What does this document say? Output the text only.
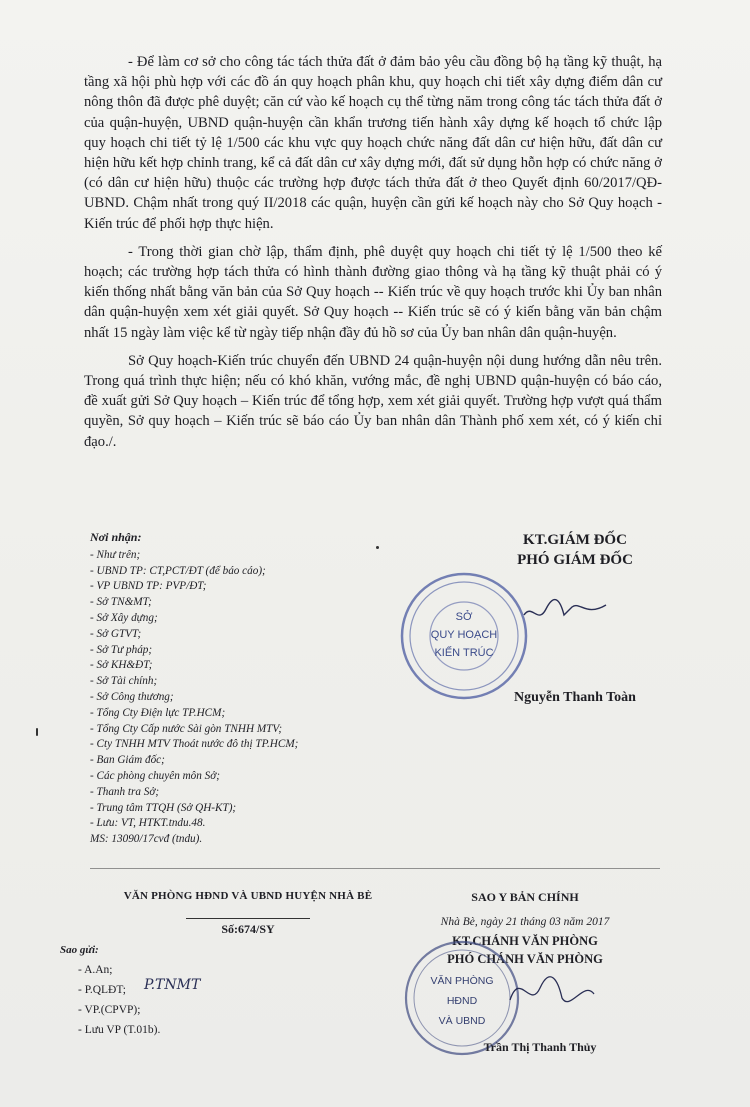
- Để làm cơ sở cho công tác tách thửa đất ở đảm bảo yêu cầu đồng bộ hạ tầng kỹ thuật, hạ tầng xã hội phù hợp với các đồ án quy hoạch phân khu, quy hoạch chi tiết xây dựng điểm dân cư nông thôn đã được phê duyệt; căn cứ vào kế hoạch cụ thể từng năm trong công tác tách thửa đất ở của quận-huyện, UBND quận-huyện cần khẩn trương tiến hành xây dựng kế hoạch tổ chức lập quy hoạch chi tiết tỷ lệ 1/500 các khu vực quy hoạch chức năng đất dân cư hiện hữu, đất dân cư hiện hữu kết hợp chỉnh trang, kể cả đất dân cư xây dựng mới, đất sử dụng hỗn hợp có chức năng ở (có dân cư hiện hữu) thuộc các trường hợp được tách thửa đất ở theo Quyết định 60/2017/QĐ-UBND. Chậm nhất trong quý II/2018 các quận, huyện cần gửi kế hoạch này cho Sở Quy hoạch - Kiến trúc để phối hợp thực hiện.

- Trong thời gian chờ lập, thẩm định, phê duyệt quy hoạch chi tiết tỷ lệ 1/500 theo kế hoạch; các trường hợp tách thửa có hình thành đường giao thông và hạ tầng kỹ thuật phải có ý kiến thống nhất bằng văn bản của Sở Quy hoạch -- Kiến trúc về quy hoạch trước khi Ủy ban nhân dân quận-huyện xem xét giải quyết. Sở Quy hoạch -- Kiến trúc sẽ có ý kiến bằng văn bản chậm nhất 15 ngày làm việc kể từ ngày tiếp nhận đầy đủ hồ sơ của Ủy ban nhân dân quận-huyện.

Sở Quy hoạch-Kiến trúc chuyển đến UBND 24 quận-huyện nội dung hướng dẫn nêu trên. Trong quá trình thực hiện; nếu có khó khăn, vướng mắc, đề nghị UBND quận-huyện có báo cáo, đề xuất gửi Sở Quy hoạch – Kiến trúc để tổng hợp, xem xét giải quyết. Trường hợp vượt quá thẩm quyền, Sở quy hoạch – Kiến trúc sẽ báo cáo Ủy ban nhân dân Thành phố xem xét, có ý kiến chỉ đạo./.

Nơi nhận:
- Như trên;
- UBND TP: CT,PCT/ĐT (để báo cáo);
- VP UBND TP: PVP/ĐT;
- Sở TN&MT;
- Sở Xây dựng;
- Sở GTVT;
- Sở Tư pháp;
- Sở KH&ĐT;
- Sở Tài chính;
- Sở Công thương;
- Tổng Cty Điện lực TP.HCM;
- Tổng Cty Cấp nước Sài gòn TNHH MTV;
- Cty TNHH MTV Thoát nước đô thị TP.HCM;
- Ban Giám đốc;
- Các phòng chuyên môn Sở;
- Thanh tra Sở;
- Trung tâm TTQH (Sở QH-KT);
- Lưu: VT, HTKT.tndu.48.
MS: 13090/17cvđ (tndu).
KT.GIÁM ĐỐC
PHÓ GIÁM ĐỐC
SỞ
QUY HOẠCH
KIẾN TRÚC
Nguyễn Thanh Toàn
VĂN PHÒNG HĐND VÀ UBND HUYỆN NHÀ BÈ
Số:674/SY
SAO Y BẢN CHÍNH
Nhà Bè, ngày 21 tháng 03 năm 2017
KT.CHÁNH VĂN PHÒNG
PHÓ CHÁNH VĂN PHÒNG
VĂN PHÒNG
HĐND
VÀ UBND
Trần Thị Thanh Thủy
Sao gửi:
- A.An;
- P.QLĐT;
- VP.(CPVP);
- Lưu VP (T.01b).
P.TNMT
